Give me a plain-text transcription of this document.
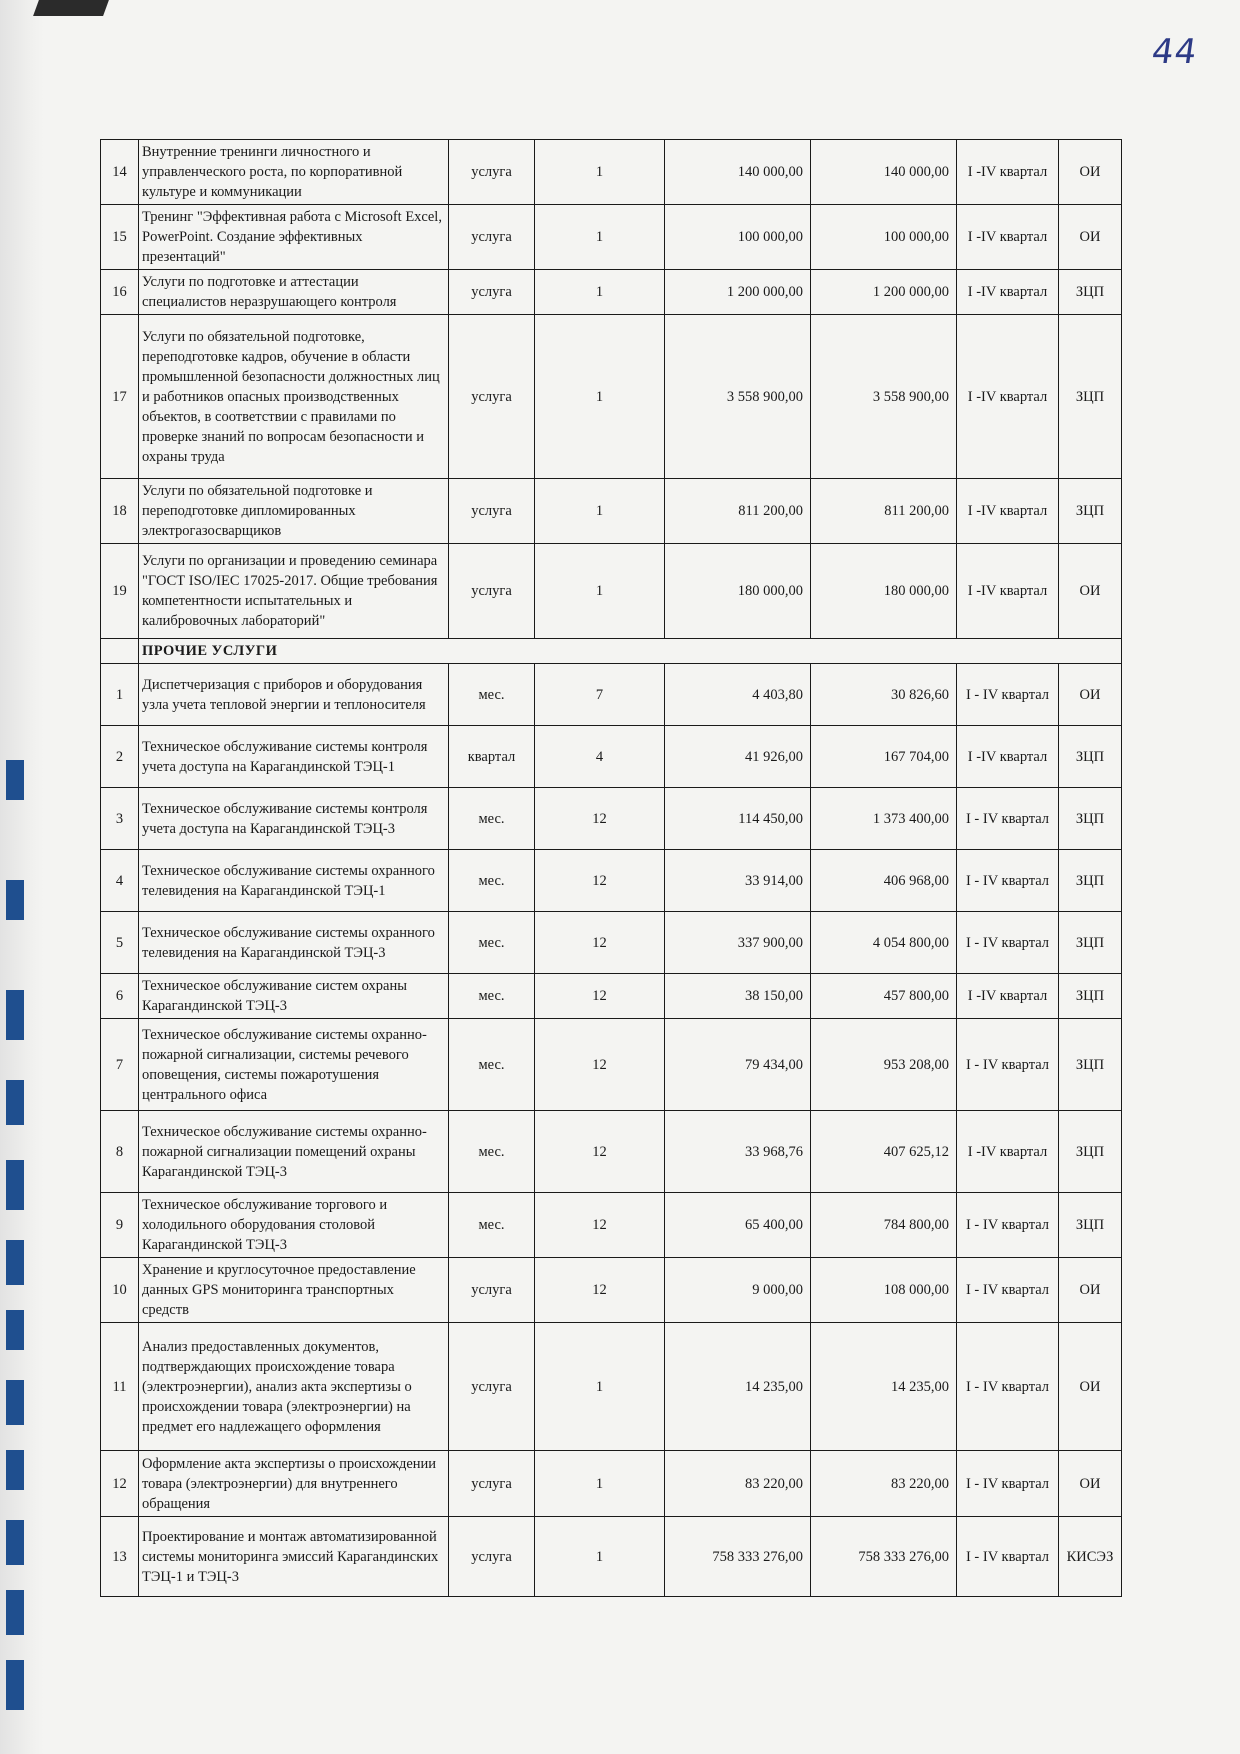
44
14	Внутренние тренинги личностного и управленческого роста, по корпоративной культуре и коммуникации	услуга	1	140 000,00	140 000,00	I -IV квартал	ОИ
15	Тренинг "Эффективная работа с Microsoft Excel, PowerPoint. Создание эффективных презентаций"	услуга	1	100 000,00	100 000,00	I -IV квартал	ОИ
16	Услуги по подготовке и аттестации специалистов неразрушающего контроля	услуга	1	1 200 000,00	1 200 000,00	I -IV квартал	ЗЦП
17	Услуги по обязательной подготовке, переподготовке кадров, обучение в области промышленной безопасности должностных лиц и работников опасных производственных объектов, в соответствии с правилами по проверке знаний по вопросам безопасности и охраны труда	услуга	1	3 558 900,00	3 558 900,00	I -IV квартал	ЗЦП
18	Услуги по обязательной подготовке и переподготовке дипломированных электрогазосварщиков	услуга	1	811 200,00	811 200,00	I -IV квартал	ЗЦП
19	Услуги по организации и проведению семинара "ГОСТ ISO/IEC 17025-2017. Общие требования компетентности испытательных и калибровочных лабораторий"	услуга	1	180 000,00	180 000,00	I -IV квартал	ОИ
	ПРОЧИЕ УСЛУГИ						
1	Диспетчеризация с приборов и оборудования узла учета тепловой энергии и теплоносителя	мес.	7	4 403,80	30 826,60	I - IV квартал	ОИ
2	Техническое обслуживание системы контроля учета доступа на Карагандинской ТЭЦ-1	квартал	4	41 926,00	167 704,00	I -IV квартал	ЗЦП
3	Техническое обслуживание системы контроля учета доступа на Карагандинской ТЭЦ-3	мес.	12	114 450,00	1 373 400,00	I - IV квартал	ЗЦП
4	Техническое обслуживание системы охранного телевидения на Карагандинской ТЭЦ-1	мес.	12	33 914,00	406 968,00	I - IV квартал	ЗЦП
5	Техническое обслуживание системы охранного телевидения на Карагандинской ТЭЦ-3	мес.	12	337 900,00	4 054 800,00	I - IV квартал	ЗЦП
6	Техническое обслуживание систем охраны Карагандинской ТЭЦ-3	мес.	12	38 150,00	457 800,00	I -IV квартал	ЗЦП
7	Техническое обслуживание системы охранно-пожарной сигнализации, системы речевого оповещения, системы пожаротушения центрального офиса	мес.	12	79 434,00	953 208,00	I - IV квартал	ЗЦП
8	Техническое обслуживание системы охранно-пожарной сигнализации помещений охраны Карагандинской ТЭЦ-3	мес.	12	33 968,76	407 625,12	I -IV квартал	ЗЦП
9	Техническое обслуживание торгового и холодильного оборудования столовой Карагандинской ТЭЦ-3	мес.	12	65 400,00	784 800,00	I - IV квартал	ЗЦП
10	Хранение и круглосуточное предоставление данных GPS мониторинга транспортных средств	услуга	12	9 000,00	108 000,00	I - IV квартал	ОИ
11	Анализ предоставленных документов, подтверждающих происхождение товара (электроэнергии), анализ акта экспертизы о происхождении товара (электроэнергии) на предмет его надлежащего оформления	услуга	1	14 235,00	14 235,00	I - IV квартал	ОИ
12	Оформление акта экспертизы о происхождении товара (электроэнергии) для внутреннего обращения	услуга	1	83 220,00	83 220,00	I - IV квартал	ОИ
13	Проектирование и монтаж автоматизированной системы мониторинга эмиссий Карагандинских ТЭЦ-1 и ТЭЦ-3	услуга	1	758 333 276,00	758 333 276,00	I - IV квартал	КИСЭЗ
